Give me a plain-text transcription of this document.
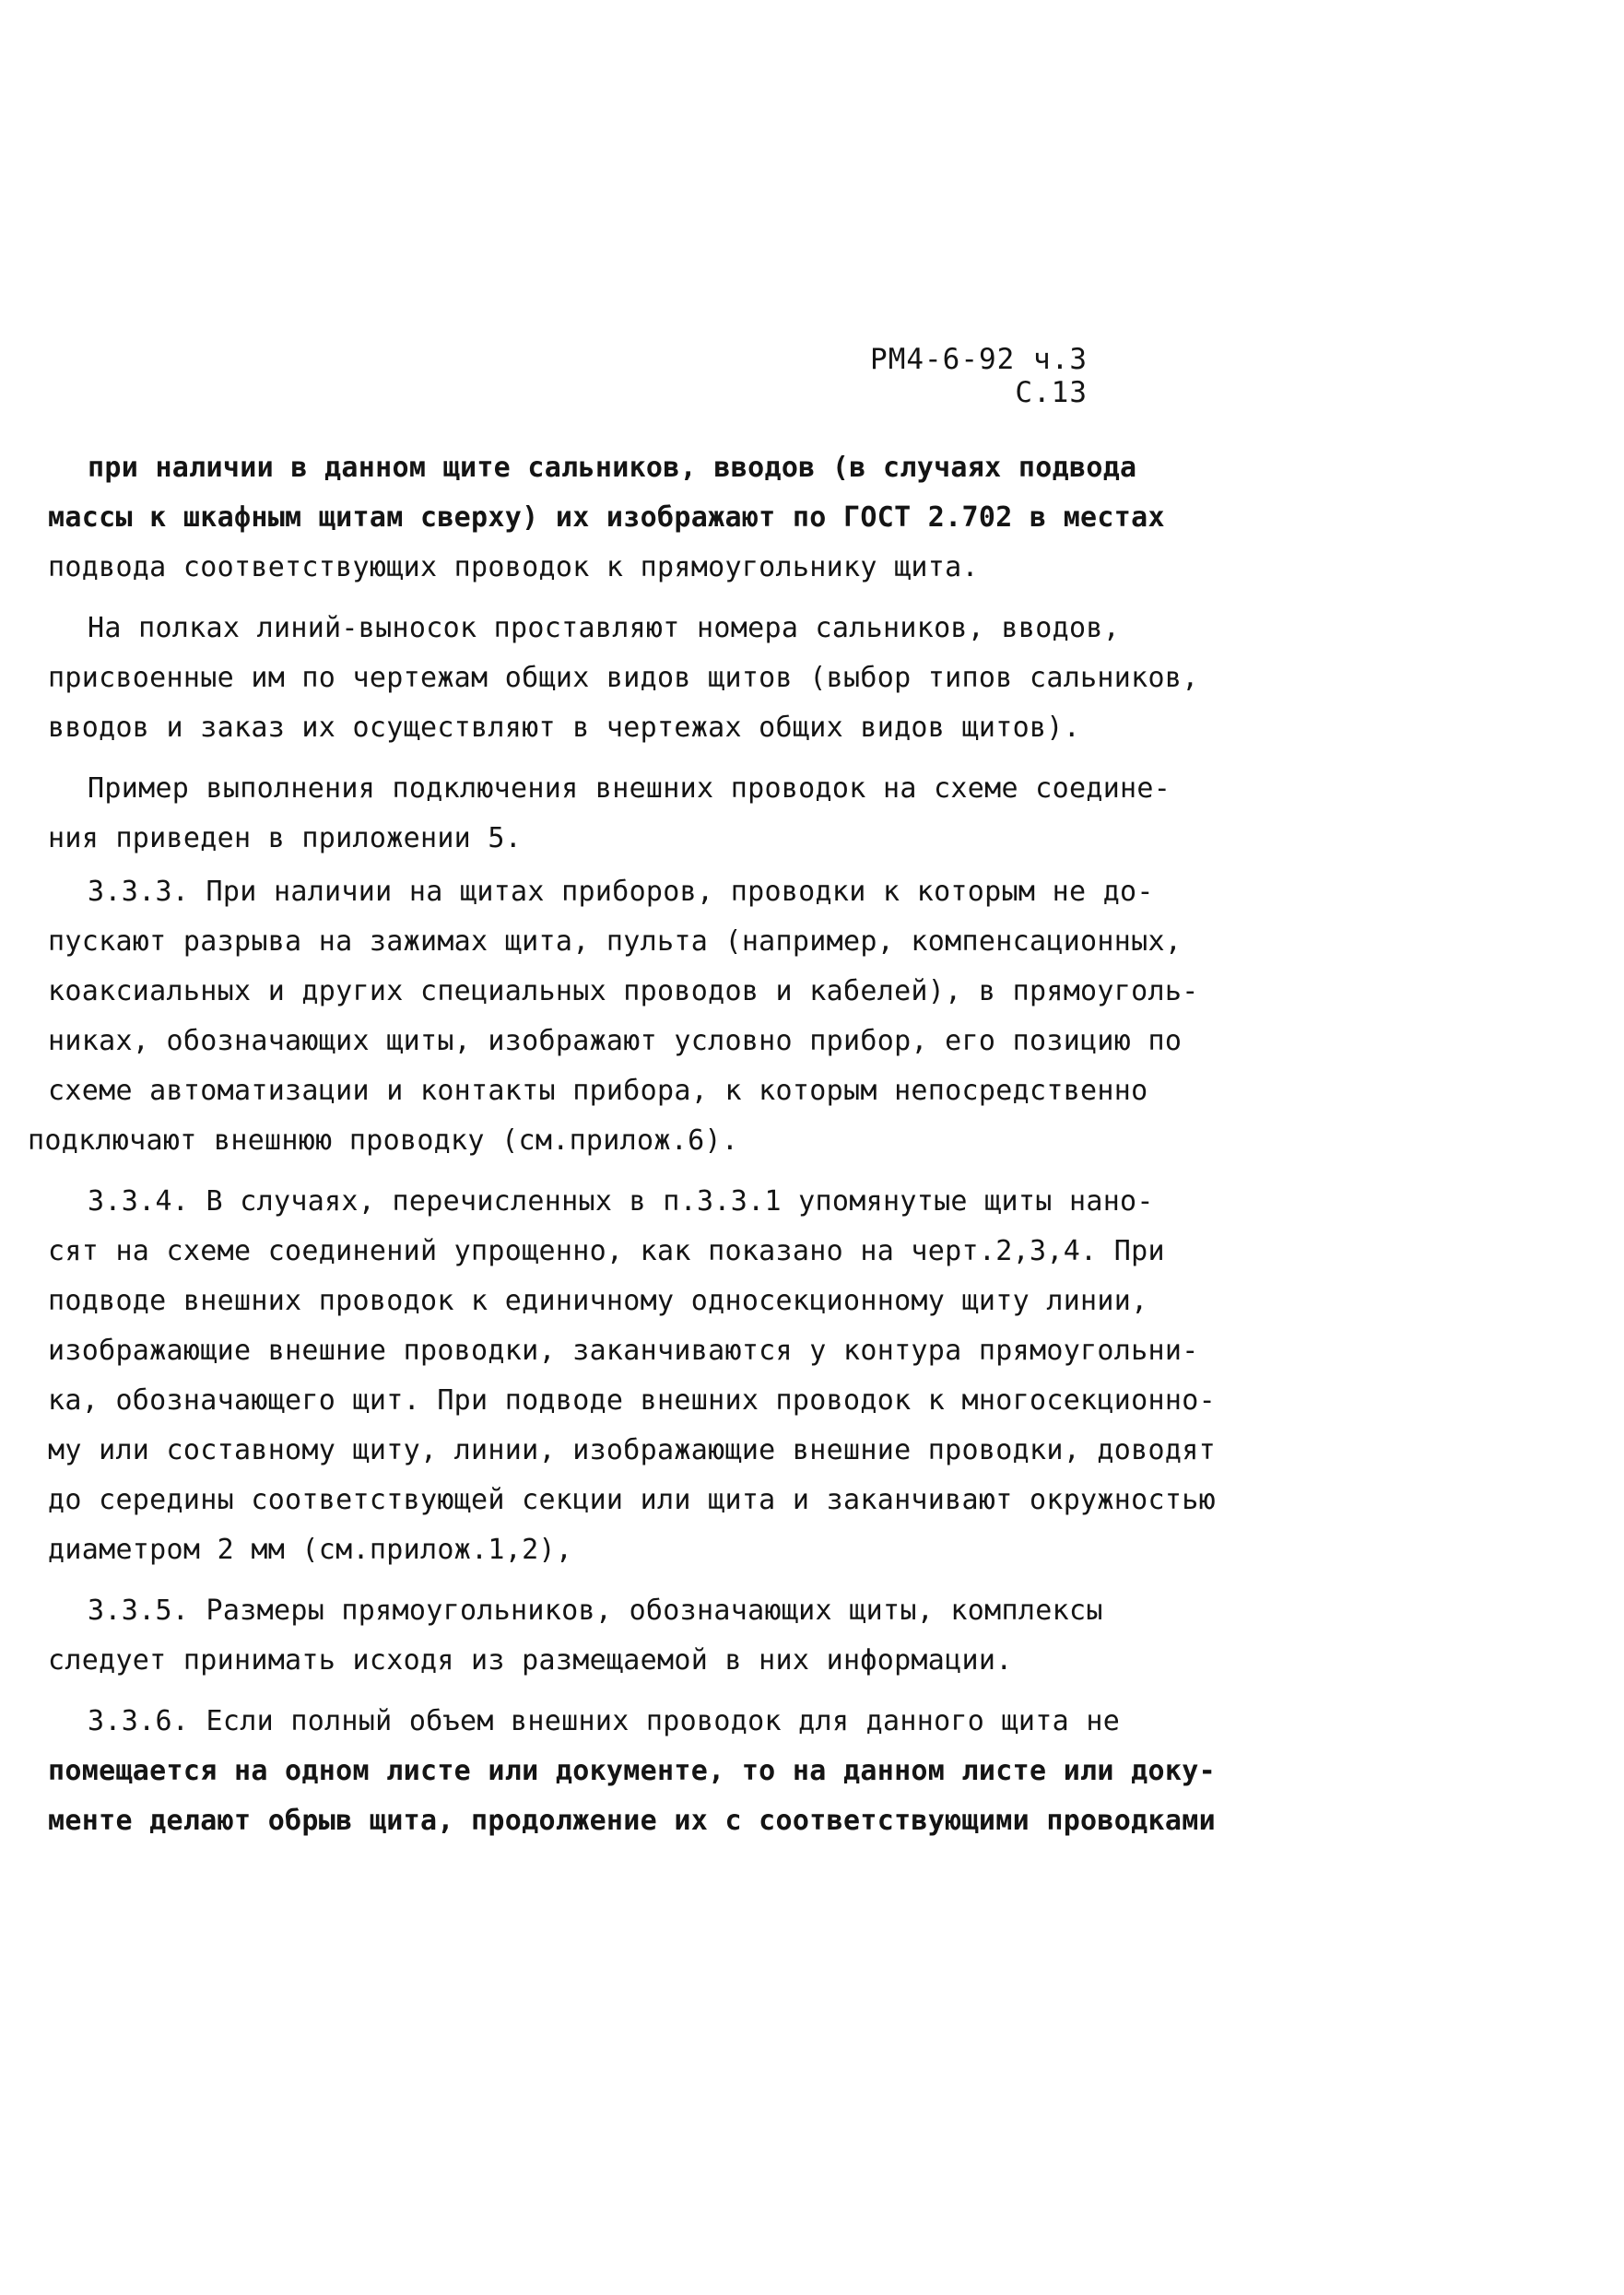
РМ4-6-92 ч.3 С.13
при наличии в данном щите сальников, вводов (в случаях подвода
массы к шкафным щитам сверху) их изображают по ГОСТ 2.702 в местах
подвода соответствующих проводок к прямоугольнику щита.
На полках линий-выносок проставляют номера сальников, вводов,
присвоенные им по чертежам общих видов щитов (выбор типов сальников,
вводов и заказ их осуществляют в чертежах общих видов щитов).
Пример выполнения подключения внешних проводок на схеме соедине-
ния приведен в приложении 5.
3.3.3. При наличии на щитах приборов, проводки к которым не до-
пускают разрыва на зажимах щита, пульта (например, компенсационных,
коаксиальных и других специальных проводов и кабелей), в прямоуголь-
никах, обозначающих щиты, изображают условно прибор, его позицию по
схеме автоматизации и контакты прибора, к которым непосредственно
подключают внешнюю проводку (см.прилож.6).
3.3.4. В случаях, перечисленных в п.3.3.1 упомянутые щиты нано-
сят на схеме соединений упрощенно, как показано на черт.2,3,4. При
подводе внешних проводок к единичному односекционному щиту линии,
изображающие внешние проводки, заканчиваются у контура прямоугольни-
ка, обозначающего щит. При подводе внешних проводок к многосекционно-
му или составному щиту, линии, изображающие внешние проводки, доводят
до середины соответствующей секции или щита и заканчивают окружностью
диаметром 2 мм (см.прилож.1,2),
3.3.5. Размеры прямоугольников, обозначающих щиты, комплексы
следует принимать исходя из размещаемой в них информации.
3.3.6. Если полный объем внешних проводок для данного щита не
помещается на одном листе или документе, то на данном листе или доку-
менте делают обрыв щита, продолжение их с соответствующими проводками
